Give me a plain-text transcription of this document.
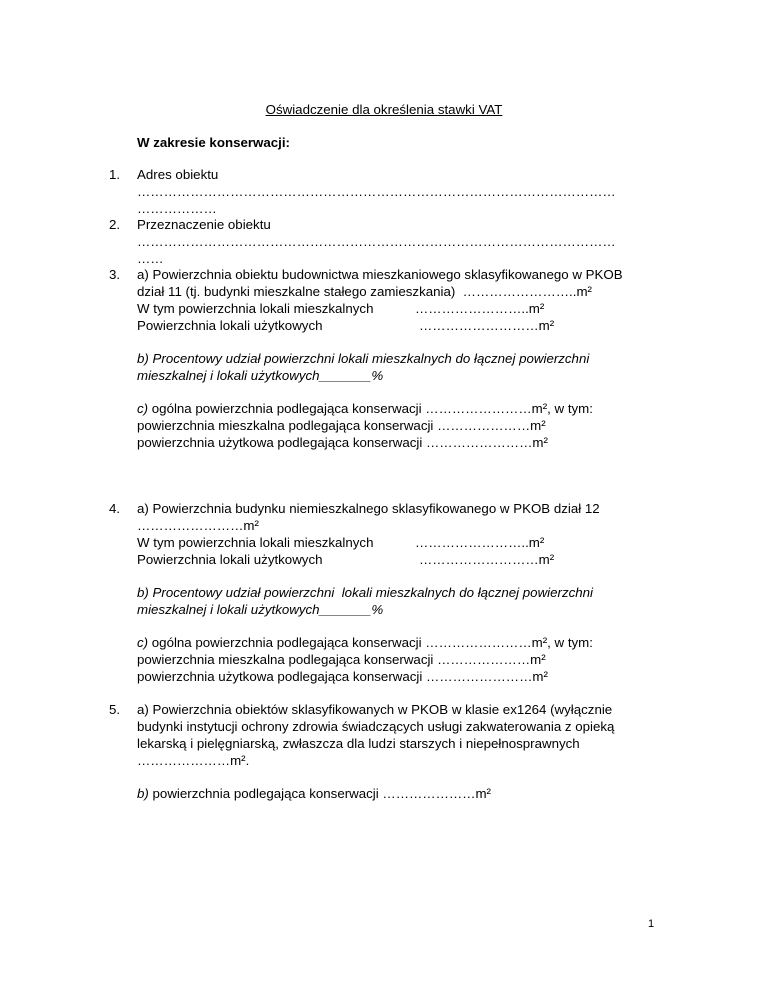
Oświadczenie dla określenia stawki VAT
W zakresie konserwacji:
1. Adres obiektu
………………………………………………………………………………………………
………………
2. Przeznaczenie obiektu
………………………………………………………………………………………………
……
3. a) Powierzchnia obiektu budownictwa mieszkaniowego sklasyfikowanego w PKOB
dział 11 (tj. budynki mieszkalne stałego zamieszkania)  ……………………..m²
W tym powierzchnia lokali mieszkalnych	……………………..m²
Powierzchnia lokali użytkowych	………………………m²
b) Procentowy udział powierzchni lokali mieszkalnych do łącznej powierzchni
mieszkalnej i lokali użytkowych_______%
c) ogólna powierzchnia podlegająca konserwacji ……………………m², w tym:
powierzchnia mieszkalna podlegająca konserwacji …………………m²
powierzchnia użytkowa podlegająca konserwacji ……………………m²
4. a) Powierzchnia budynku niemieszkalnego sklasyfikowanego w PKOB dział 12
……………………m²
W tym powierzchnia lokali mieszkalnych	……………………..m²
Powierzchnia lokali użytkowych	………………………m²
b) Procentowy udział powierzchni  lokali mieszkalnych do łącznej powierzchni
mieszkalnej i lokali użytkowych_______%
c) ogólna powierzchnia podlegająca konserwacji ……………………m², w tym:
powierzchnia mieszkalna podlegająca konserwacji …………………m²
powierzchnia użytkowa podlegająca konserwacji ……………………m²
5. a) Powierzchnia obiektów sklasyfikowanych w PKOB w klasie ex1264 (wyłącznie
budynki instytucji ochrony zdrowia świadczących usługi zakwaterowania z opieką
lekarską i pielęgniarską, zwłaszcza dla ludzi starszych i niepełnosprawnych
…………………m².
b) powierzchnia podlegająca konserwacji …………………m²
1
